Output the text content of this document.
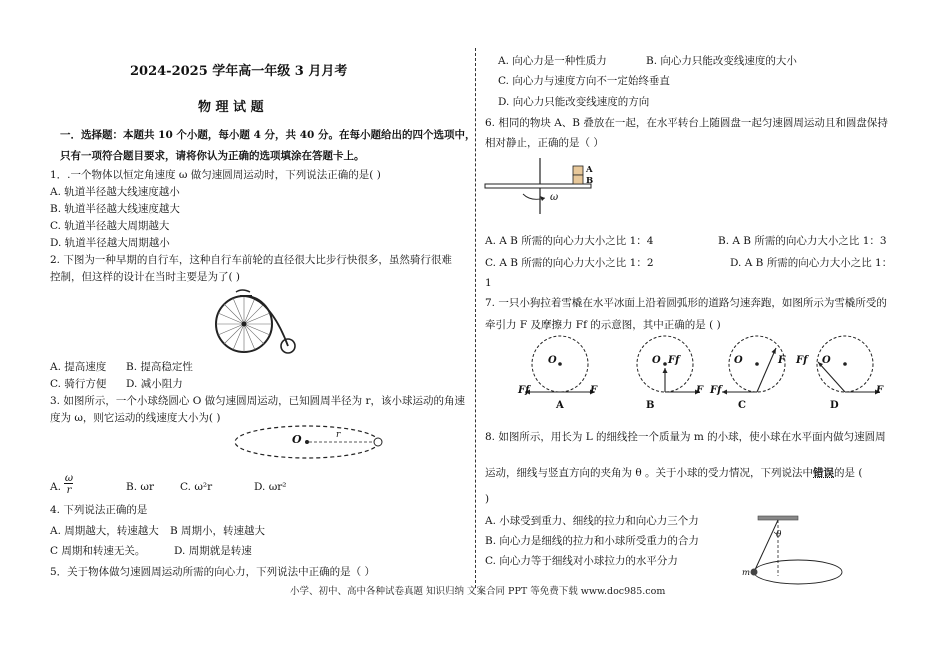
2024-2025 学年高一年级 3 月月考
物 理 试 题
一．选择题：本题共 10 个小题，每小题 4 分，共 40 分。在每小题给出的四个选项中，
只有一项符合题目要求，请将你认为正确的选项填涂在答题卡上。
1．.一个物体以恒定角速度 ω 做匀速圆周运动时，下列说法正确的是( )
A. 轨道半径越大线速度越小
B. 轨道半径越大线速度越大
C. 轨道半径越大周期越大
D. 轨道半径越大周期越小
2. 下图为一种早期的自行车，这种自行车前轮的直径很大比步行快很多，虽然骑行很难
控制，但这样的设计在当时主要是为了( )
A. 提高速度 B. 提高稳定性
C. 骑行方便 D. 减小阻力
3. 如图所示，一个小球绕圆心 O 做匀速圆周运动，已知圆周半径为 r，该小球运动的角速
度为 ω，则它运动的线速度大小为( )
O	r
A.
ω
r	B. ωr C. ω²r	D. ωr²
4. 下列说法正确的是
A. 周期越大，转速越大 B 周期小，转速越大
C 周期和转速无关。	D. 周期就是转速
5．关于物体做匀速圆周运动所需的向心力，下列说法中正确的是（ ）
A. 向心力是一种性质力	B. 向心力只能改变线速度的大小
C. 向心力与速度方向不一定始终垂直
D. 向心力只能改变线速度的方向
6. 相同的物块 A、B 叠放在一起，在水平转台上随圆盘一起匀速圆周运动且和圆盘保持
相对静止，正确的是（ ）
A
B
ω
A. A B 所需的向心力大小之比 1：4	B. A B 所需的向心力大小之比 1：3
C. A B 所需的向心力大小之比 1：2	D. A B 所需的向心力大小之比 1：
1
7. 一只小狗拉着雪橇在水平冰面上沿着圆弧形的道路匀速奔跑，如图所示为雪橇所受的
牵引力 F 及摩擦力 Ff 的示意图，其中正确的是 ( )
O
F
Ff
A
O Ff
F
B
O	F
Ff
C
O
Ff
F
D
8. 如图所示，用长为 L 的细线拴一个质量为 m 的小球，使小球在水平面内做匀速圆周
运动，细线与竖直方向的夹角为 θ 。关于小球的受力情况，下列说法中错误的是 (
)
A. 小球受到重力、细线的拉力和向心力三个力
B. 向心力是细线的拉力和小球所受重力的合力
C. 向心力等于细线对小球拉力的水平分力
θ
m
小学、初中、高中各种试卷真题 知识归纳 文案合同 PPT 等免费下载 www.doc985.com
